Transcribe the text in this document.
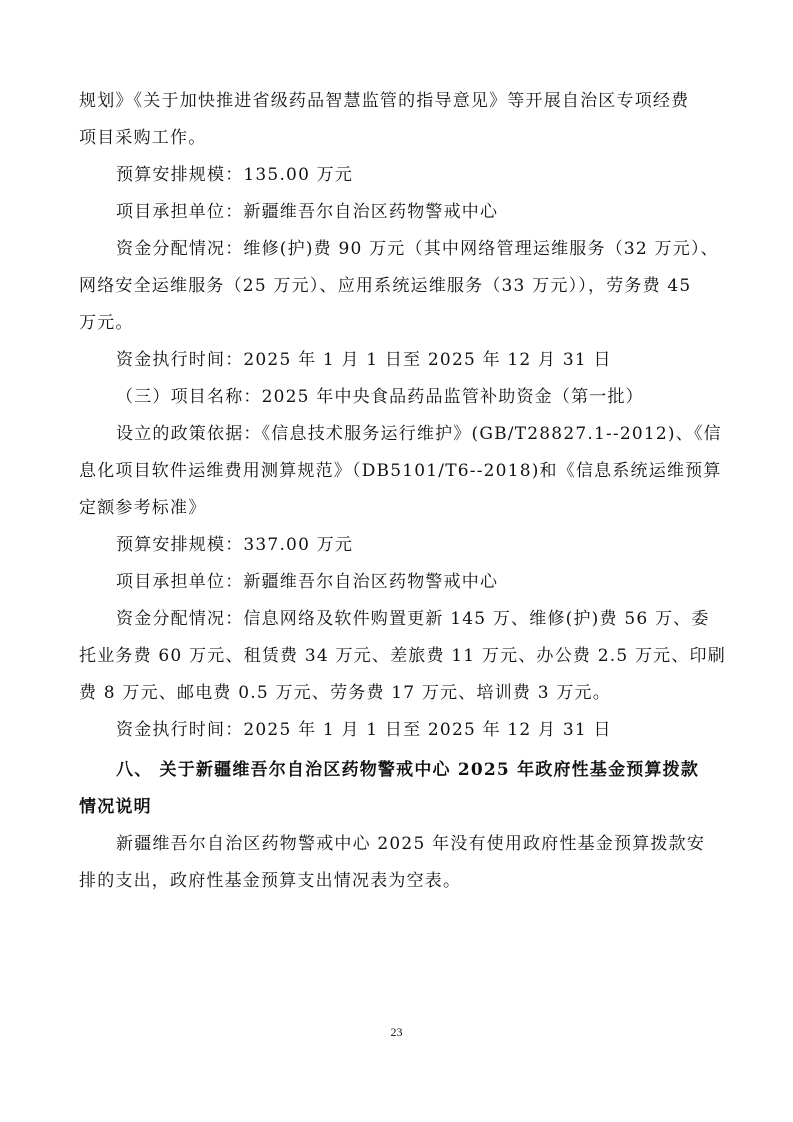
规划》《关于加快推进省级药品智慧监管的指导意见》等开展自治区专项经费
项目采购工作。
预算安排规模：135.00 万元
项目承担单位：新疆维吾尔自治区药物警戒中心
资金分配情况：维修(护)费 90 万元（其中网络管理运维服务（32 万元）、
网络安全运维服务（25 万元）、应用系统运维服务（33 万元）），劳务费 45
万元。
资金执行时间：2025 年 1 月 1 日至 2025 年 12 月 31 日
（三）项目名称：2025 年中央食品药品监管补助资金（第一批）
设立的政策依据：《信息技术服务运行维护》(GB/T28827.1--2012)、《信
息化项目软件运维费用测算规范》（DB5101/T6--2018)和《信息系统运维预算
定额参考标准》
预算安排规模：337.00 万元
项目承担单位：新疆维吾尔自治区药物警戒中心
资金分配情况：信息网络及软件购置更新 145 万、维修(护)费 56 万、委
托业务费 60 万元、租赁费 34 万元、差旅费 11 万元、办公费 2.5 万元、印刷
费 8 万元、邮电费 0.5 万元、劳务费 17 万元、培训费 3 万元。
资金执行时间：2025 年 1 月 1 日至 2025 年 12 月 31 日
八、 关于新疆维吾尔自治区药物警戒中心 2025 年政府性基金预算拨款
情况说明
新疆维吾尔自治区药物警戒中心 2025 年没有使用政府性基金预算拨款安
排的支出，政府性基金预算支出情况表为空表。
23
